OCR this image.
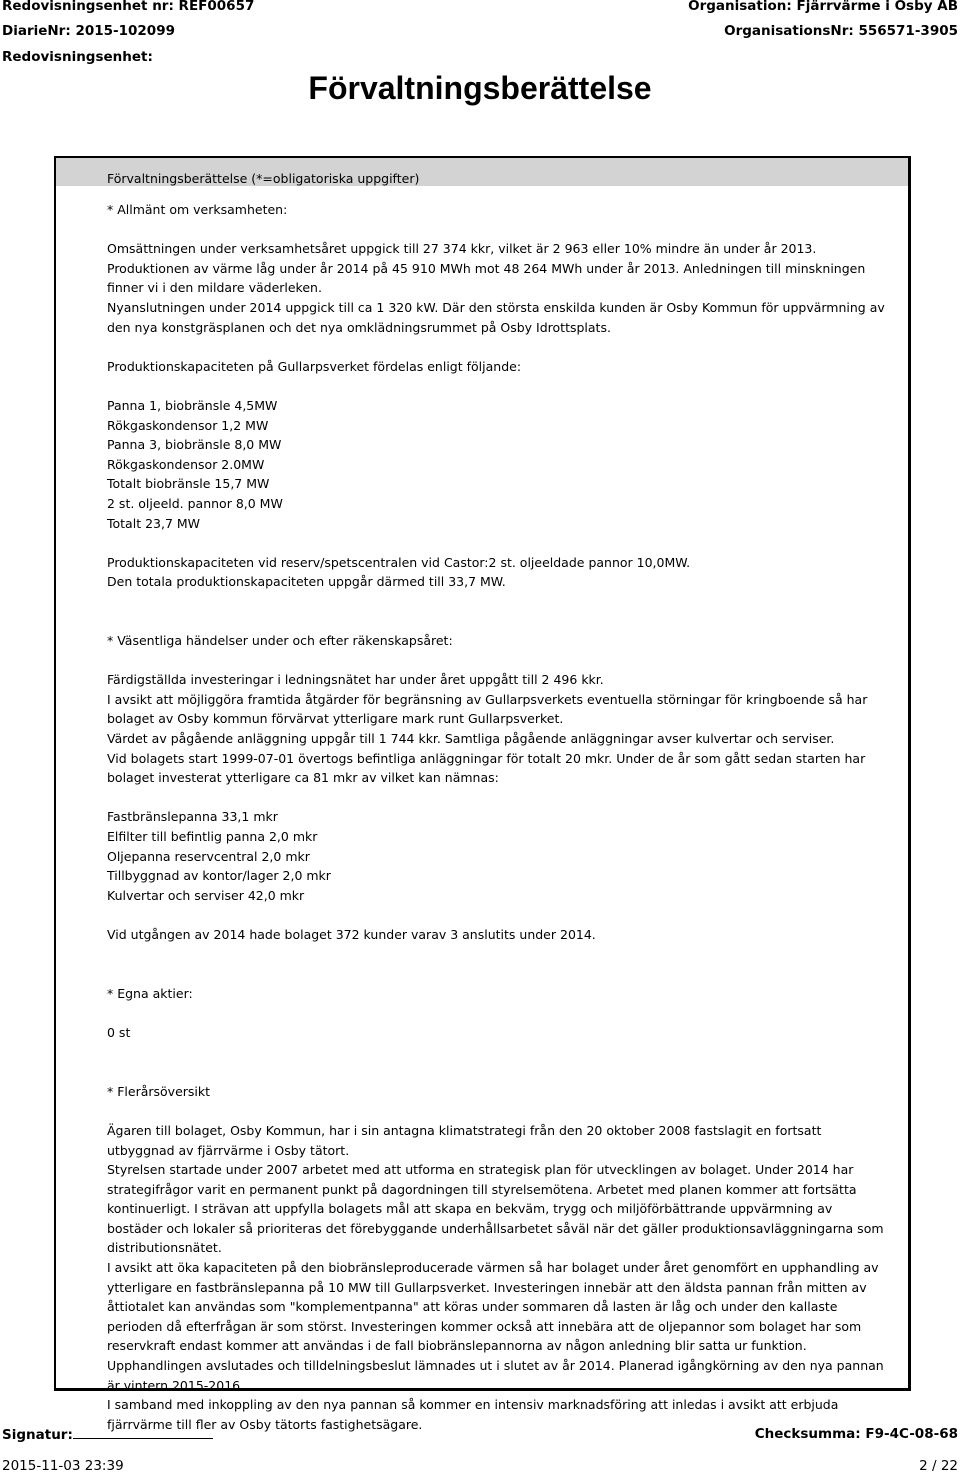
Redovisningsenhet nr: REF00657
DiarieNr: 2015-102099
Redovisningsenhet:
Organisation: Fjärrvärme i Osby AB
OrganisationsNr: 556571-3905
Förvaltningsberättelse
Förvaltningsberättelse (*=obligatoriska uppgifter)

* Allmänt om verksamheten:

Omsättningen under verksamhetsåret uppgick till 27 374 kkr, vilket är 2 963 eller 10% mindre än under år 2013. Produktionen av värme låg under år 2014 på 45 910 MWh mot 48 264 MWh under år 2013. Anledningen till minskningen finner vi i den mildare väderleken.

Nyanslutningen under 2014 uppgick till ca 1 320 kW. Där den största enskilda kunden är Osby Kommun för uppvärmning av den nya konstgräsplanen och det nya omklädningsrummet på Osby Idrottsplats.

Produktionskapaciteten på Gullarpsverket fördelas enligt följande:

Panna 1, biobränsle 4,5MW

Rökgaskondensor 1,2 MW

Panna 3, biobränsle 8,0 MW

Rökgaskondensor 2.0MW

Totalt biobränsle 15,7 MW

2 st. oljeeld. pannor 8,0 MW

Totalt 23,7 MW

Produktionskapaciteten vid reserv/spetscentralen vid Castor:2 st. oljeeldade pannor 10,0MW.

Den totala produktionskapaciteten uppgår därmed till 33,7 MW.

* Väsentliga händelser under och efter räkenskapsåret:

Färdigställda investeringar i ledningsnätet har under året uppgått till 2 496 kkr.

I avsikt att möjliggöra framtida åtgärder för begränsning av Gullarpsverkets eventuella störningar för kringboende så har bolaget av Osby kommun förvärvat ytterligare mark runt Gullarpsverket.

Värdet av pågående anläggning uppgår till 1 744 kkr. Samtliga pågående anläggningar avser kulvertar och serviser.

Vid bolagets start 1999-07-01 övertogs befintliga anläggningar för totalt 20 mkr. Under de år som gått sedan starten har bolaget investerat ytterligare ca 81 mkr av vilket kan nämnas:

Fastbränslepanna 33,1 mkr

Elfilter till befintlig panna 2,0 mkr

Oljepanna reservcentral 2,0 mkr

Tillbyggnad av kontor/lager 2,0 mkr

Kulvertar och serviser 42,0 mkr

Vid utgången av 2014 hade bolaget 372 kunder varav 3 anslutits under 2014.

* Egna aktier:

0 st

* Flerårsöversikt

Ägaren till bolaget, Osby Kommun, har i sin antagna klimatstrategi från den 20 oktober 2008 fastslagit en fortsatt utbyggnad av fjärrvärme i Osby tätort.

Styrelsen startade under 2007 arbetet med att utforma en strategisk plan för utvecklingen av bolaget. Under 2014 har strategifrågor varit en permanent punkt på dagordningen till styrelsemötena. Arbetet med planen kommer att fortsätta kontinuerligt. I strävan att uppfylla bolagets mål att skapa en bekväm, trygg och miljöförbättrande uppvärmning av bostäder och lokaler så prioriteras det förebyggande underhållsarbetet såväl när det gäller produktionsavläggningarna som distributionsnätet.

I avsikt att öka kapaciteten på den biobränsleproducerade värmen så har bolaget under året genomfört en upphandling av ytterligare en fastbränslepanna på 10 MW till Gullarpsverket. Investeringen innebär att den äldsta pannan från mitten av åttiotalet kan användas som "komplementpanna" att köras under sommaren då lasten är låg och under den kallaste perioden då efterfrågan är som störst. Investeringen kommer också att innebära att de oljepannor som bolaget har som reservkraft endast kommer att användas i de fall biobränslepannorna av någon anledning blir satta ur funktion. Upphandlingen avslutades och tilldelningsbeslut lämnades ut i slutet av år 2014. Planerad igångkörning av den nya pannan är vintern 2015-2016.

I samband med inkoppling av den nya pannan så kommer en intensiv marknadsföring att inledas i avsikt att erbjuda fjärrvärme till fler av Osby tätorts fastighetsägare.

Signatur:	Checksumma: F9-4C-08-68
2015-11-03 23:39	2 / 22
